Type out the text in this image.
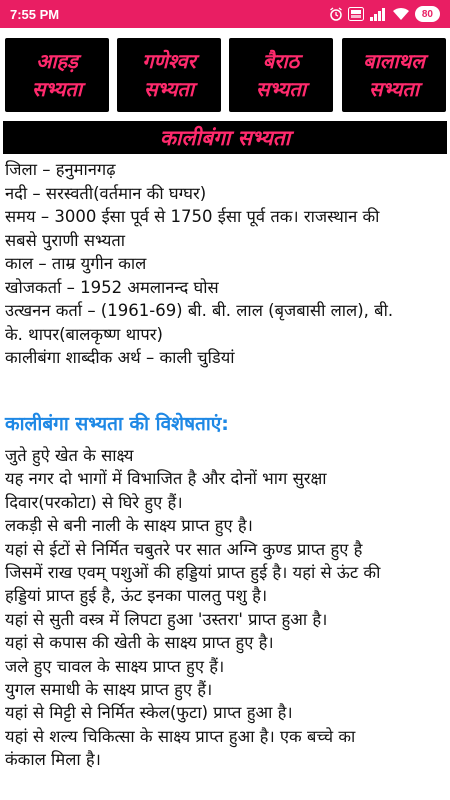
7:55 PM	80
आहड़
सभ्यता
गणेश्वर
सभ्यता
बैराठ
सभ्यता
बालाथल
सभ्यता
कालीबंगा सभ्यता

जिला – हनुमानगढ़

नदी – सरस्वती(वर्तमान की घग्घर)

समय – 3000 ईसा पूर्व से 1750 ईसा पूर्व तक। राजस्थान की

सबसे पुराणी सभ्यता

काल – ताम्र युगीन काल

खोजकर्ता – 1952 अमलानन्द घोस

उत्खनन कर्ता – (1961-69) बी. बी. लाल (बृजबासी लाल), बी.

के. थापर(बालकृष्ण थापर)

कालीबंगा शाब्दीक अर्थ – काली चुडियां

कालीबंगा सभ्यता की विशेषताएं:

जुते हुऐ खेत के साक्ष्य

यह नगर दो भागों में विभाजित है और दोनों भाग सुरक्षा

दिवार(परकोटा) से घिरे हुए हैं।

लकड़ी से बनी नाली के साक्ष्य प्राप्त हुए है।

यहां से ईटों से निर्मित चबुतरे पर सात अग्नि कुण्ड प्राप्त हुए है

जिसमें राख एवम् पशुओं की हड्डियां प्राप्त हुई है। यहां से ऊंट की

हड्डियां प्राप्त हुई है, ऊंट इनका पालतु पशु है।

यहां से सुती वस्त्र में लिपटा हुआ 'उस्तरा' प्राप्त हुआ है।

यहां से कपास की खेती के साक्ष्य प्राप्त हुए है।

जले हुए चावल के साक्ष्य प्राप्त हुए हैं।

युगल समाधी के साक्ष्य प्राप्त हुए हैं।

यहां से मिट्टी से निर्मित स्केल(फुटा) प्राप्त हुआ है।

यहां से शल्य चिकित्सा के साक्ष्य प्राप्त हुआ है। एक बच्चे का

कंकाल मिला है।
